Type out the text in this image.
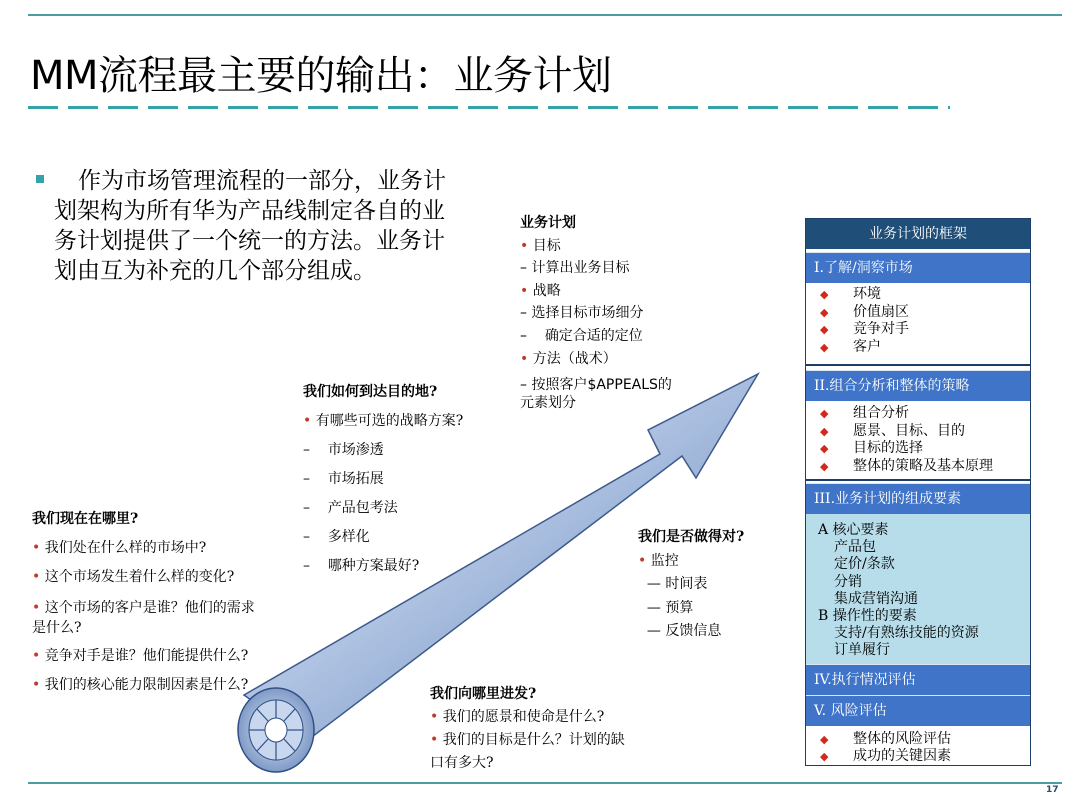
MM流程最主要的输出：业务计划
作为市场管理流程的一部分，业务计划架构为所有华为产品线制定各自的业务计划提供了一个统一的方法。业务计划由互为补充的几个部分组成。
我们现在在哪里?
• 我们处在什么样的市场中?
• 这个市场发生着什么样的变化?
• 这个市场的客户是谁？他们的需求
是什么?
• 竞争对手是谁？他们能提供什么?
• 我们的核心能力限制因素是什么?
我们如何到达目的地?
• 有哪些可选的战略方案?
–    市场渗透
–    市场拓展
–    产品包考法
–    多样化
–    哪种方案最好?
我们向哪里进发?
• 我们的愿景和使命是什么?
• 我们的目标是什么？计划的缺
口有多大?
我们是否做得对?
• 监控
— 时间表
— 预算
— 反馈信息
业务计划
• 目标
– 计算出业务目标
• 战略
– 选择目标市场细分
– 确定合适的定位
• 方法（战术）
– 按照客户$APPEALS的
元素划分
业务计划的框架
I.了解/洞察市场
◆ 环境
◆ 价值扇区
◆ 竞争对手
◆ 客户
II.组合分析和整体的策略
◆ 组合分析
◆ 愿景、目标、目的
◆ 目标的选择
◆ 整体的策略及基本原理
III.业务计划的组成要素
A 核心要素
产品包
定价/条款
分销
集成营销沟通
B 操作性的要素
支持/有熟练技能的资源
订单履行
IV.执行情况评估
V. 风险评估
◆ 整体的风险评估
◆ 成功的关键因素
17
